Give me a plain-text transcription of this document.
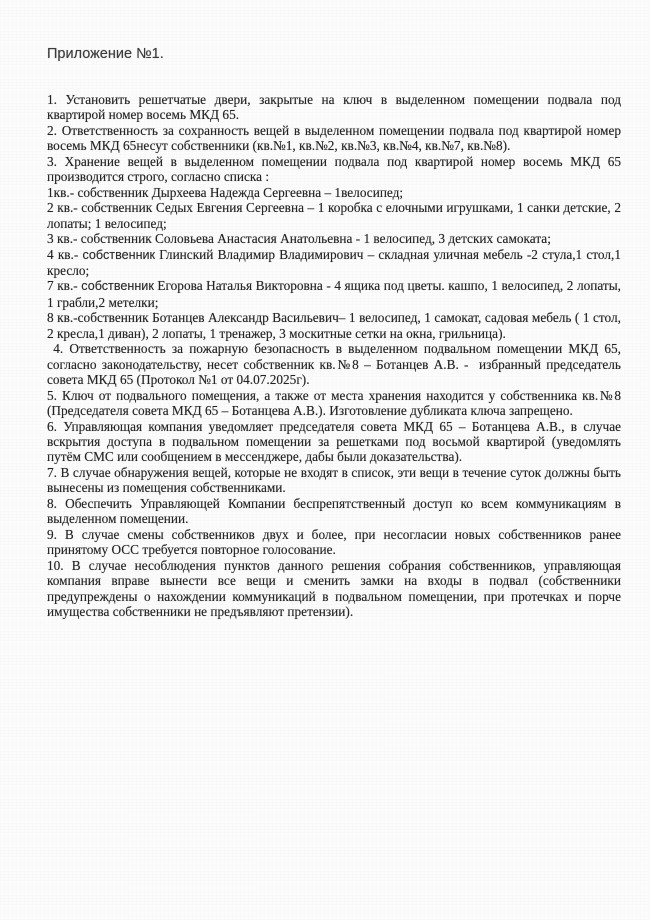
Приложение №1.

1. Установить решетчатые двери, закрытые на ключ в выделенном помещении подвала под квартирой номер восемь МКД 65.

2. Ответственность за сохранность вещей в выделенном помещении подвала под квартирой номер восемь МКД 65несут собственники (кв.№1, кв.№2, кв.№3, кв.№4, кв.№7, кв.№8).

3. Хранение вещей в выделенном помещении подвала под квартирой номер восемь МКД 65 производится строго, согласно списка :

1кв.- собственник Дырхеева Надежда Сергеевна – 1велосипед;

2 кв.- собственник Седых Евгения Сергеевна – 1 коробка с елочными игрушками, 1 санки детские, 2 лопаты; 1 велосипед;

3 кв.- собственник Соловьева Анастасия Анатольевна - 1 велосипед, 3 детских самоката;

4 кв.- собственник Глинский Владимир Владимирович – складная уличная мебель -2 стула,1 стол,1 кресло;

7 кв.- собственник Егорова Наталья Викторовна - 4 ящика под цветы. кашпо, 1 велосипед, 2 лопаты, 1 грабли,2 метелки;

8 кв.-собственник Ботанцев Александр Васильевич– 1 велосипед, 1 самокат, садовая мебель ( 1 стол, 2 кресла,1 диван), 2 лопаты, 1 тренажер, 3 москитные сетки на окна, грильница).

4. Ответственность за пожарную безопасность в выделенном подвальном помещении МКД 65, согласно законодательству, несет собственник кв.№8 – Ботанцев А.В. -  избранный председатель совета МКД 65 (Протокол №1 от 04.07.2025г).

5. Ключ от подвального помещения, а также от места хранения находится у собственника кв.№8 (Председателя совета МКД 65 – Ботанцева А.В.). Изготовление дубликата ключа запрещено.

6. Управляющая компания уведомляет председателя совета МКД 65 – Ботанцева А.В., в случае вскрытия доступа в подвальном помещении за решетками под восьмой квартирой (уведомлять путём СМС или сообщением в мессенджере, дабы были доказательства).

7. В случае обнаружения вещей, которые не входят в список, эти вещи в течение суток должны быть вынесены из помещения собственниками.

8. Обеспечить Управляющей Компании беспрепятственный доступ ко всем коммуникациям в выделенном помещении.

9. В случае смены собственников двух и более, при несогласии новых собственников ранее принятому ОСС требуется повторное голосование.

10. В случае несоблюдения пунктов данного решения собрания собственников, управляющая компания вправе вынести все вещи и сменить замки на входы в подвал (собственники предупреждены о нахождении коммуникаций в подвальном помещении, при протечках и порче имущества собственники не предъявляют претензии).
